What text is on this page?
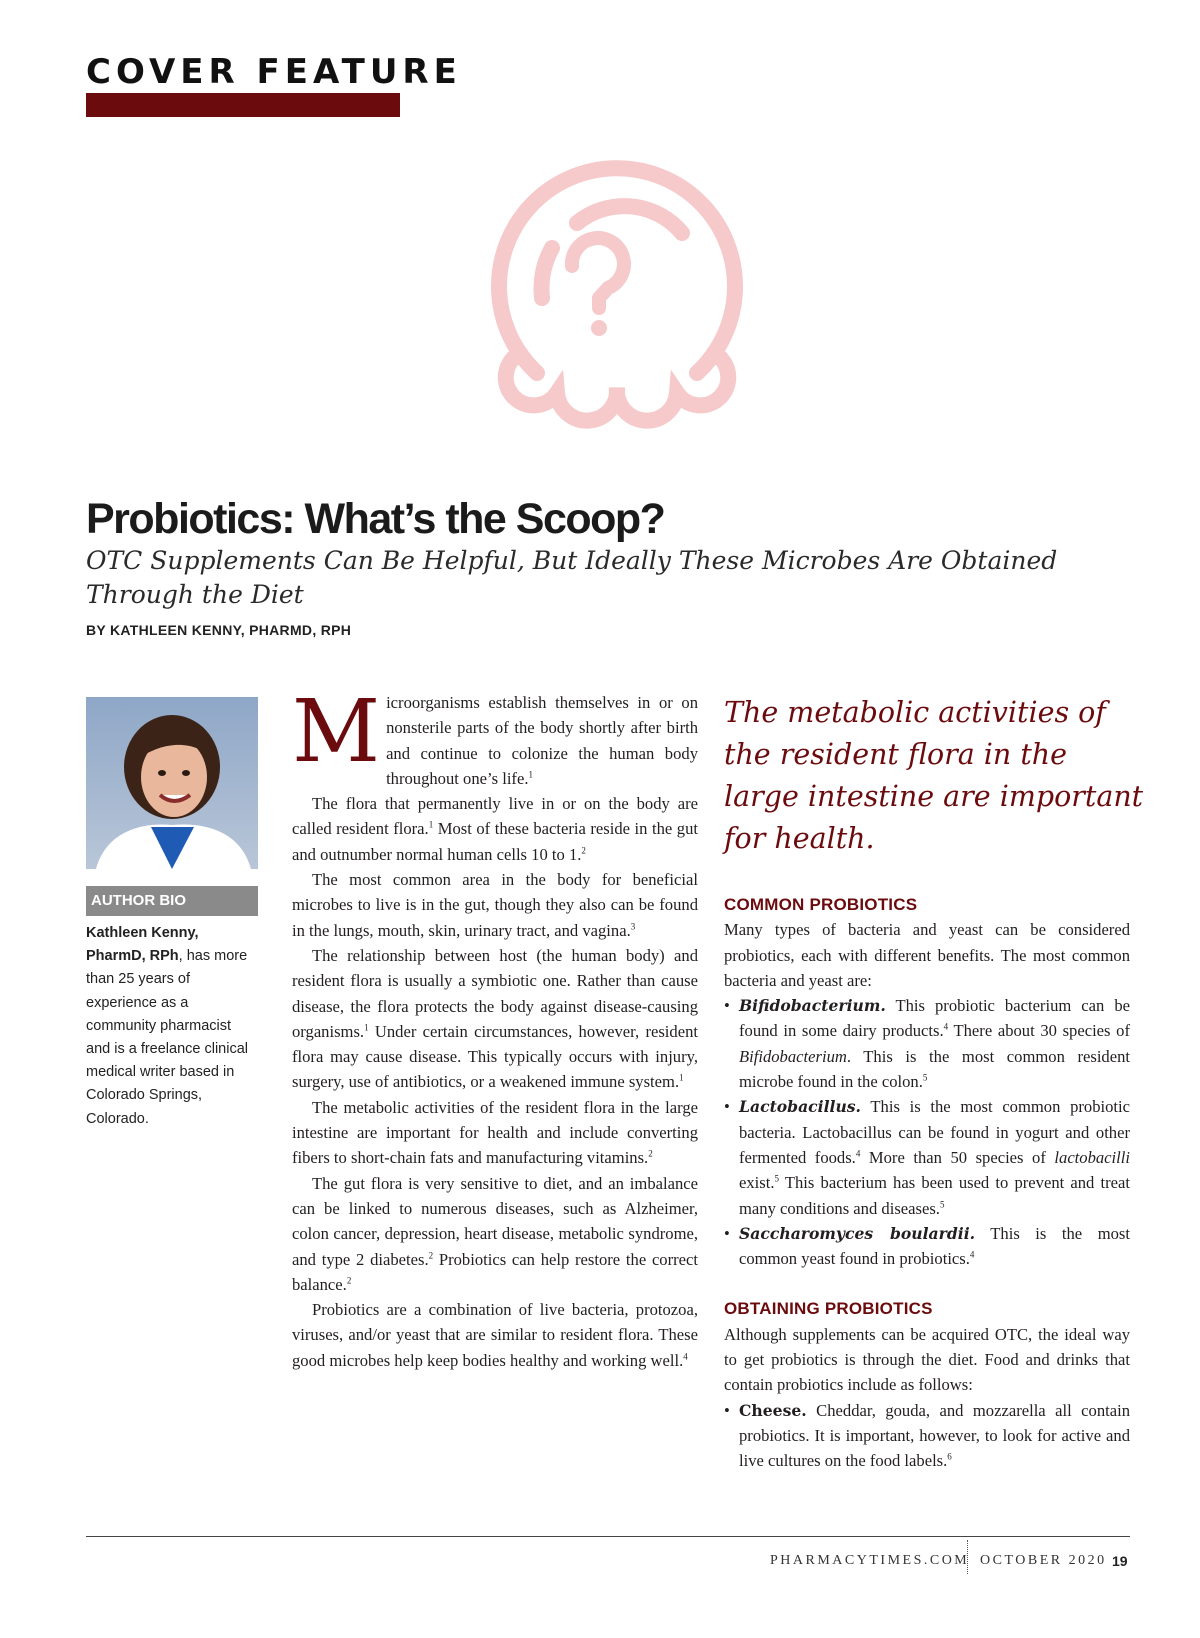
COVER FEATURE
Probiotics: What’s the Scoop?
OTC Supplements Can Be Helpful, But Ideally These Microbes Are Obtained Through the Diet
BY KATHLEEN KENNY, PHARMD, RPH
AUTHOR BIO
Kathleen Kenny, PharmD, RPh, has more than 25 years of experience as a community pharmacist and is a freelance clinical medical writer based in Colorado Springs, Colorado.

Microorganisms establish themselves in or on nonsterile parts of the body shortly after birth and continue to colonize the human body throughout one’s life.$^1$

The flora that permanently live in or on the body are called resident flora.$^1$ Most of these bacteria reside in the gut and outnumber normal human cells 10 to 1.$^2$

The most common area in the body for beneficial microbes to live is in the gut, though they also can be found in the lungs, mouth, skin, urinary tract, and vagina.$^3$

The relationship between host (the human body) and resident flora is usually a symbiotic one. Rather than cause disease, the flora protects the body against disease-causing organisms.$^1$ Under certain circumstances, however, resident flora may cause disease. This typically occurs with injury, surgery, use of antibiotics, or a weakened immune system.$^1$

The metabolic activities of the resident flora in the large intestine are important for health and include converting fibers to short-chain fats and manufacturing vitamins.$^2$

The gut flora is very sensitive to diet, and an imbalance can be linked to numerous diseases, such as Alzheimer, colon cancer, depression, heart disease, metabolic syndrome, and type 2 diabetes.$^2$ Probiotics can help restore the correct balance.$^2$

Probiotics are a combination of live bacteria, protozoa, viruses, and/or yeast that are similar to resident flora. These good microbes help keep bodies healthy and working well.$^4$

The metabolic activities of the resident flora in the large intestine are important for health.
COMMON PROBIOTICS

Many types of bacteria and yeast can be considered probiotics, each with different benefits. The most common bacteria and yeast are:

• Bifidobacterium. This probiotic bacterium can be found in some dairy products.$^4$ There about 30 species of Bifidobacterium. This is the most common resident microbe found in the colon.$^5$
• Lactobacillus. This is the most common probiotic bacteria. Lactobacillus can be found in yogurt and other fermented foods.$^4$ More than 50 species of lactobacilli exist.$^5$ This bacterium has been used to prevent and treat many conditions and diseases.$^5$
• Saccharomyces boulardii. This is the most common yeast found in probiotics.$^4$
OBTAINING PROBIOTICS

Although supplements can be acquired OTC, the ideal way to get probiotics is through the diet. Food and drinks that contain probiotics include as follows:

• Cheese. Cheddar, gouda, and mozzarella all contain probiotics. It is important, however, to look for active and live cultures on the food labels.$^6$
PHARMACYTIMES.COM OCTOBER 2020 19
